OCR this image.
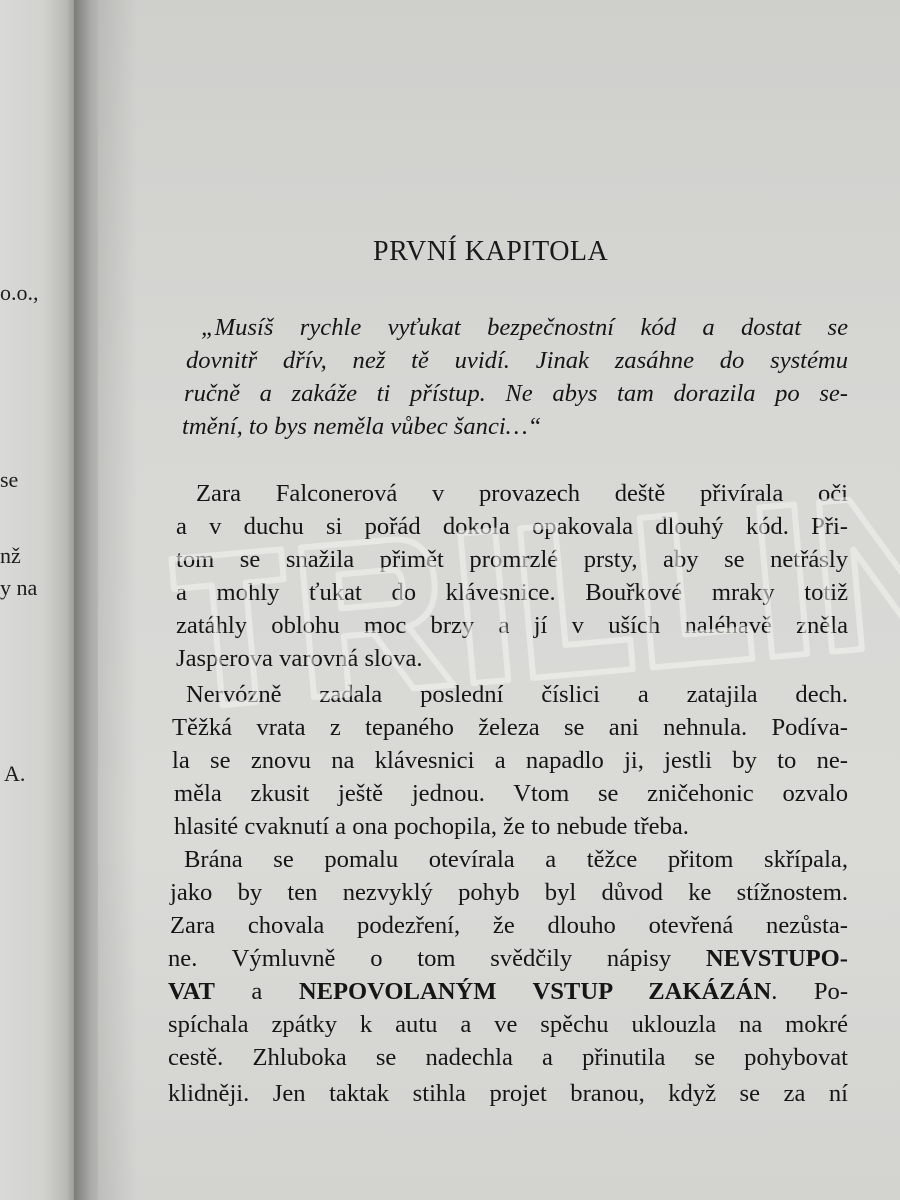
o.o.,
se
nž
y na
A.
PRVNÍ KAPITOLA
„Musíš rychle vyťukat bezpečnostní kód a dostat se
dovnitř dřív, než tě uvidí. Jinak zasáhne do systému
ručně a zakáže ti přístup. Ne abys tam dorazila po se-
tmění, to bys neměla vůbec šanci…“
Zara Falconerová v provazech deště přivírala oči
a v duchu si pořád dokola opakovala dlouhý kód. Při-
tom se snažila přimět promrzlé prsty, aby se netřásly
a mohly ťukat do klávesnice. Bouřkové mraky totiž
zatáhly oblohu moc brzy a jí v uších naléhavě zněla
Jasperova varovná slova.
Nervózně zadala poslední číslici a zatajila dech.
Těžká vrata z tepaného železa se ani nehnula. Podíva-
la se znovu na klávesnici a napadlo ji, jestli by to ne-
měla zkusit ještě jednou. Vtom se zničehonic ozvalo
hlasité cvaknutí a ona pochopila, že to nebude třeba.
Brána se pomalu otevírala a těžce přitom skřípala,
jako by ten nezvyklý pohyb byl důvod ke stížnostem.
Zara chovala podezření, že dlouho otevřená nezůsta-
ne. Výmluvně o tom svědčily nápisy NEVSTUPO-
VAT a NEPOVOLANÝM VSTUP ZAKÁZÁN. Po-
spíchala zpátky k autu a ve spěchu uklouzla na mokré
cestě. Zhluboka se nadechla a přinutila se pohybovat
klidněji. Jen taktak stihla projet branou, když se za ní
